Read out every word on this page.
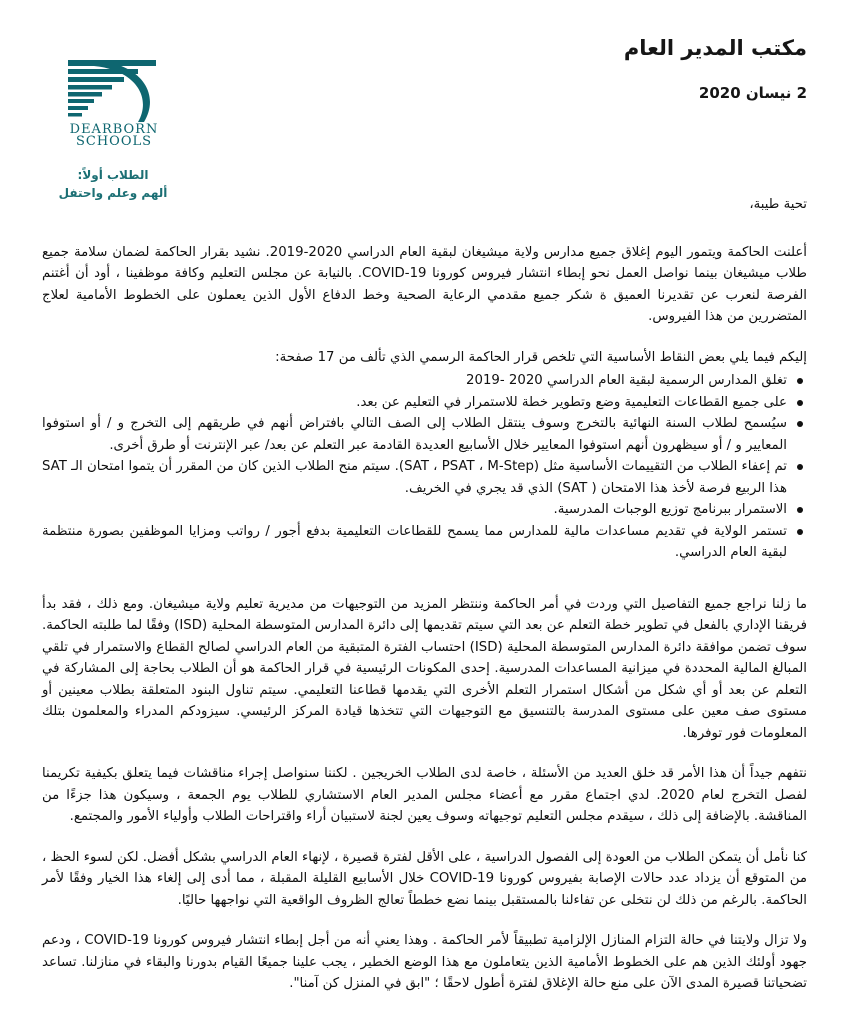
مكتب المدير العام
2 نيسان 2020
DEARBORN
SCHOOLS
الطلاب أولاً:
ألهم وعلم واحتفل

تحية طيبة،

أعلنت الحاكمة ويتمور اليوم إغلاق جميع مدارس ولاية ميشيغان لبقية العام الدراسي 2020-2019. نشيد بقرار الحاكمة لضمان سلامة جميع طلاب ميشيغان بينما نواصل العمل نحو إبطاء انتشار فيروس كورونا COVID-19. بالنيابة عن مجلس التعليم وكافة موظفينا ، أود أن أغتنم الفرصة لنعرب عن تقديرنا العميق ة شكر جميع مقدمي الرعاية الصحية وخط الدفاع الأول الذين يعملون على الخطوط الأمامية لعلاج المتضررين من هذا الفيروس.

إليكم فيما يلي بعض النقاط الأساسية التي تلخص قرار الحاكمة الرسمي الذي تألف من 17 صفحة:

تغلق المدارس الرسمية لبقية العام الدراسي 2020 -2019
على جميع القطاعات التعليمية وضع وتطوير خطة للاستمرار في التعليم عن بعد.
سيُسمح لطلاب السنة النهائية بالتخرج وسوف ينتقل الطلاب إلى الصف التالي بافتراض أنهم في طريقهم إلى التخرج و / أو استوفوا المعايير و / أو سيظهرون أنهم استوفوا المعايير خلال الأسابيع العديدة القادمة عبر التعلم عن بعد/ عبر الإنترنت أو طرق أخرى.
تم إعفاء الطلاب من التقييمات الأساسية مثل (SAT ، PSAT ، M-Step). سيتم منح الطلاب الذين كان من المقرر أن يتموا امتحان الـ SAT هذا الربيع فرصة لأخذ هذا الامتحان ( SAT) الذي قد يجري في الخريف.
الاستمرار ببرنامج توزيع الوجبات المدرسية.
تستمر الولاية في تقديم مساعدات مالية للمدارس مما يسمح للقطاعات التعليمية بدفع أجور / رواتب ومزايا الموظفين بصورة منتظمة لبقية العام الدراسي.

ما زلنا نراجع جميع التفاصيل التي وردت في أمر الحاكمة وننتظر المزيد من التوجيهات من مديرية تعليم ولاية ميشيغان. ومع ذلك ، فقد بدأ فريقنا الإداري بالفعل في تطوير خطة التعلم عن بعد التي سيتم تقديمها إلى دائرة المدارس المتوسطة المحلية (ISD) وفقًا لما طلبته الحاكمة. سوف تضمن موافقة دائرة المدارس المتوسطة المحلية (ISD) احتساب الفترة المتبقية من العام الدراسي لصالح القطاع والاستمرار في تلقي المبالغ المالية المحددة في ميزانية المساعدات المدرسية. إحدى المكونات الرئيسية في قرار الحاكمة هو أن الطلاب بحاجة إلى المشاركة في التعلم عن بعد أو أي شكل من أشكال استمرار التعلم الأخرى التي يقدمها قطاعنا التعليمي. سيتم تناول البنود المتعلقة بطلاب معينين أو مستوى صف معين على مستوى المدرسة بالتنسيق مع التوجيهات التي تتخذها قيادة المركز الرئيسي. سيزودكم المدراء والمعلمون بتلك المعلومات فور توفرها.

نتفهم جيداً أن هذا الأمر قد خلق العديد من الأسئلة ، خاصة لدى الطلاب الخريجين . لكننا سنواصل إجراء مناقشات فيما يتعلق بكيفية تكريمنا لفصل التخرج لعام 2020. لدي اجتماع مقرر مع أعضاء مجلس المدير العام الاستشاري للطلاب يوم الجمعة ، وسيكون هذا جزءًا من المناقشة. بالإضافة إلى ذلك ، سيقدم مجلس التعليم توجيهاته وسوف يعين لجنة لاستبيان أراء واقتراحات الطلاب وأولياء الأمور والمجتمع.

كنا نأمل أن يتمكن الطلاب من العودة إلى الفصول الدراسية ، على الأقل لفترة قصيرة ، لإنهاء العام الدراسي بشكل أفضل. لكن لسوء الحظ ، من المتوقع أن يزداد عدد حالات الإصابة بفيروس كورونا COVID-19 خلال الأسابيع القليلة المقبلة ، مما أدى إلى إلغاء هذا الخيار وفقًا لأمر الحاكمة. بالرغم من ذلك لن نتخلى عن تفاءلنا بالمستقبل بينما نضع خططاً تعالج الظروف الواقعية التي نواجهها حاليًا.

ولا تزال ولايتنا في حالة التزام المنازل الإلزامية تطبيقاً لأمر الحاكمة . وهذا يعني أنه من أجل إبطاء انتشار فيروس كورونا COVID-19 ، ودعم جهود أولئك الذين هم على الخطوط الأمامية الذين يتعاملون مع هذا الوضع الخطير ، يجب علينا جميعًا القيام بدورنا والبقاء في منازلنا. تساعد تضحياتنا قصيرة المدى الآن على منع حالة الإغلاق لفترة أطول لاحقًا ؛ "ابق في المنزل كن آمنا".
